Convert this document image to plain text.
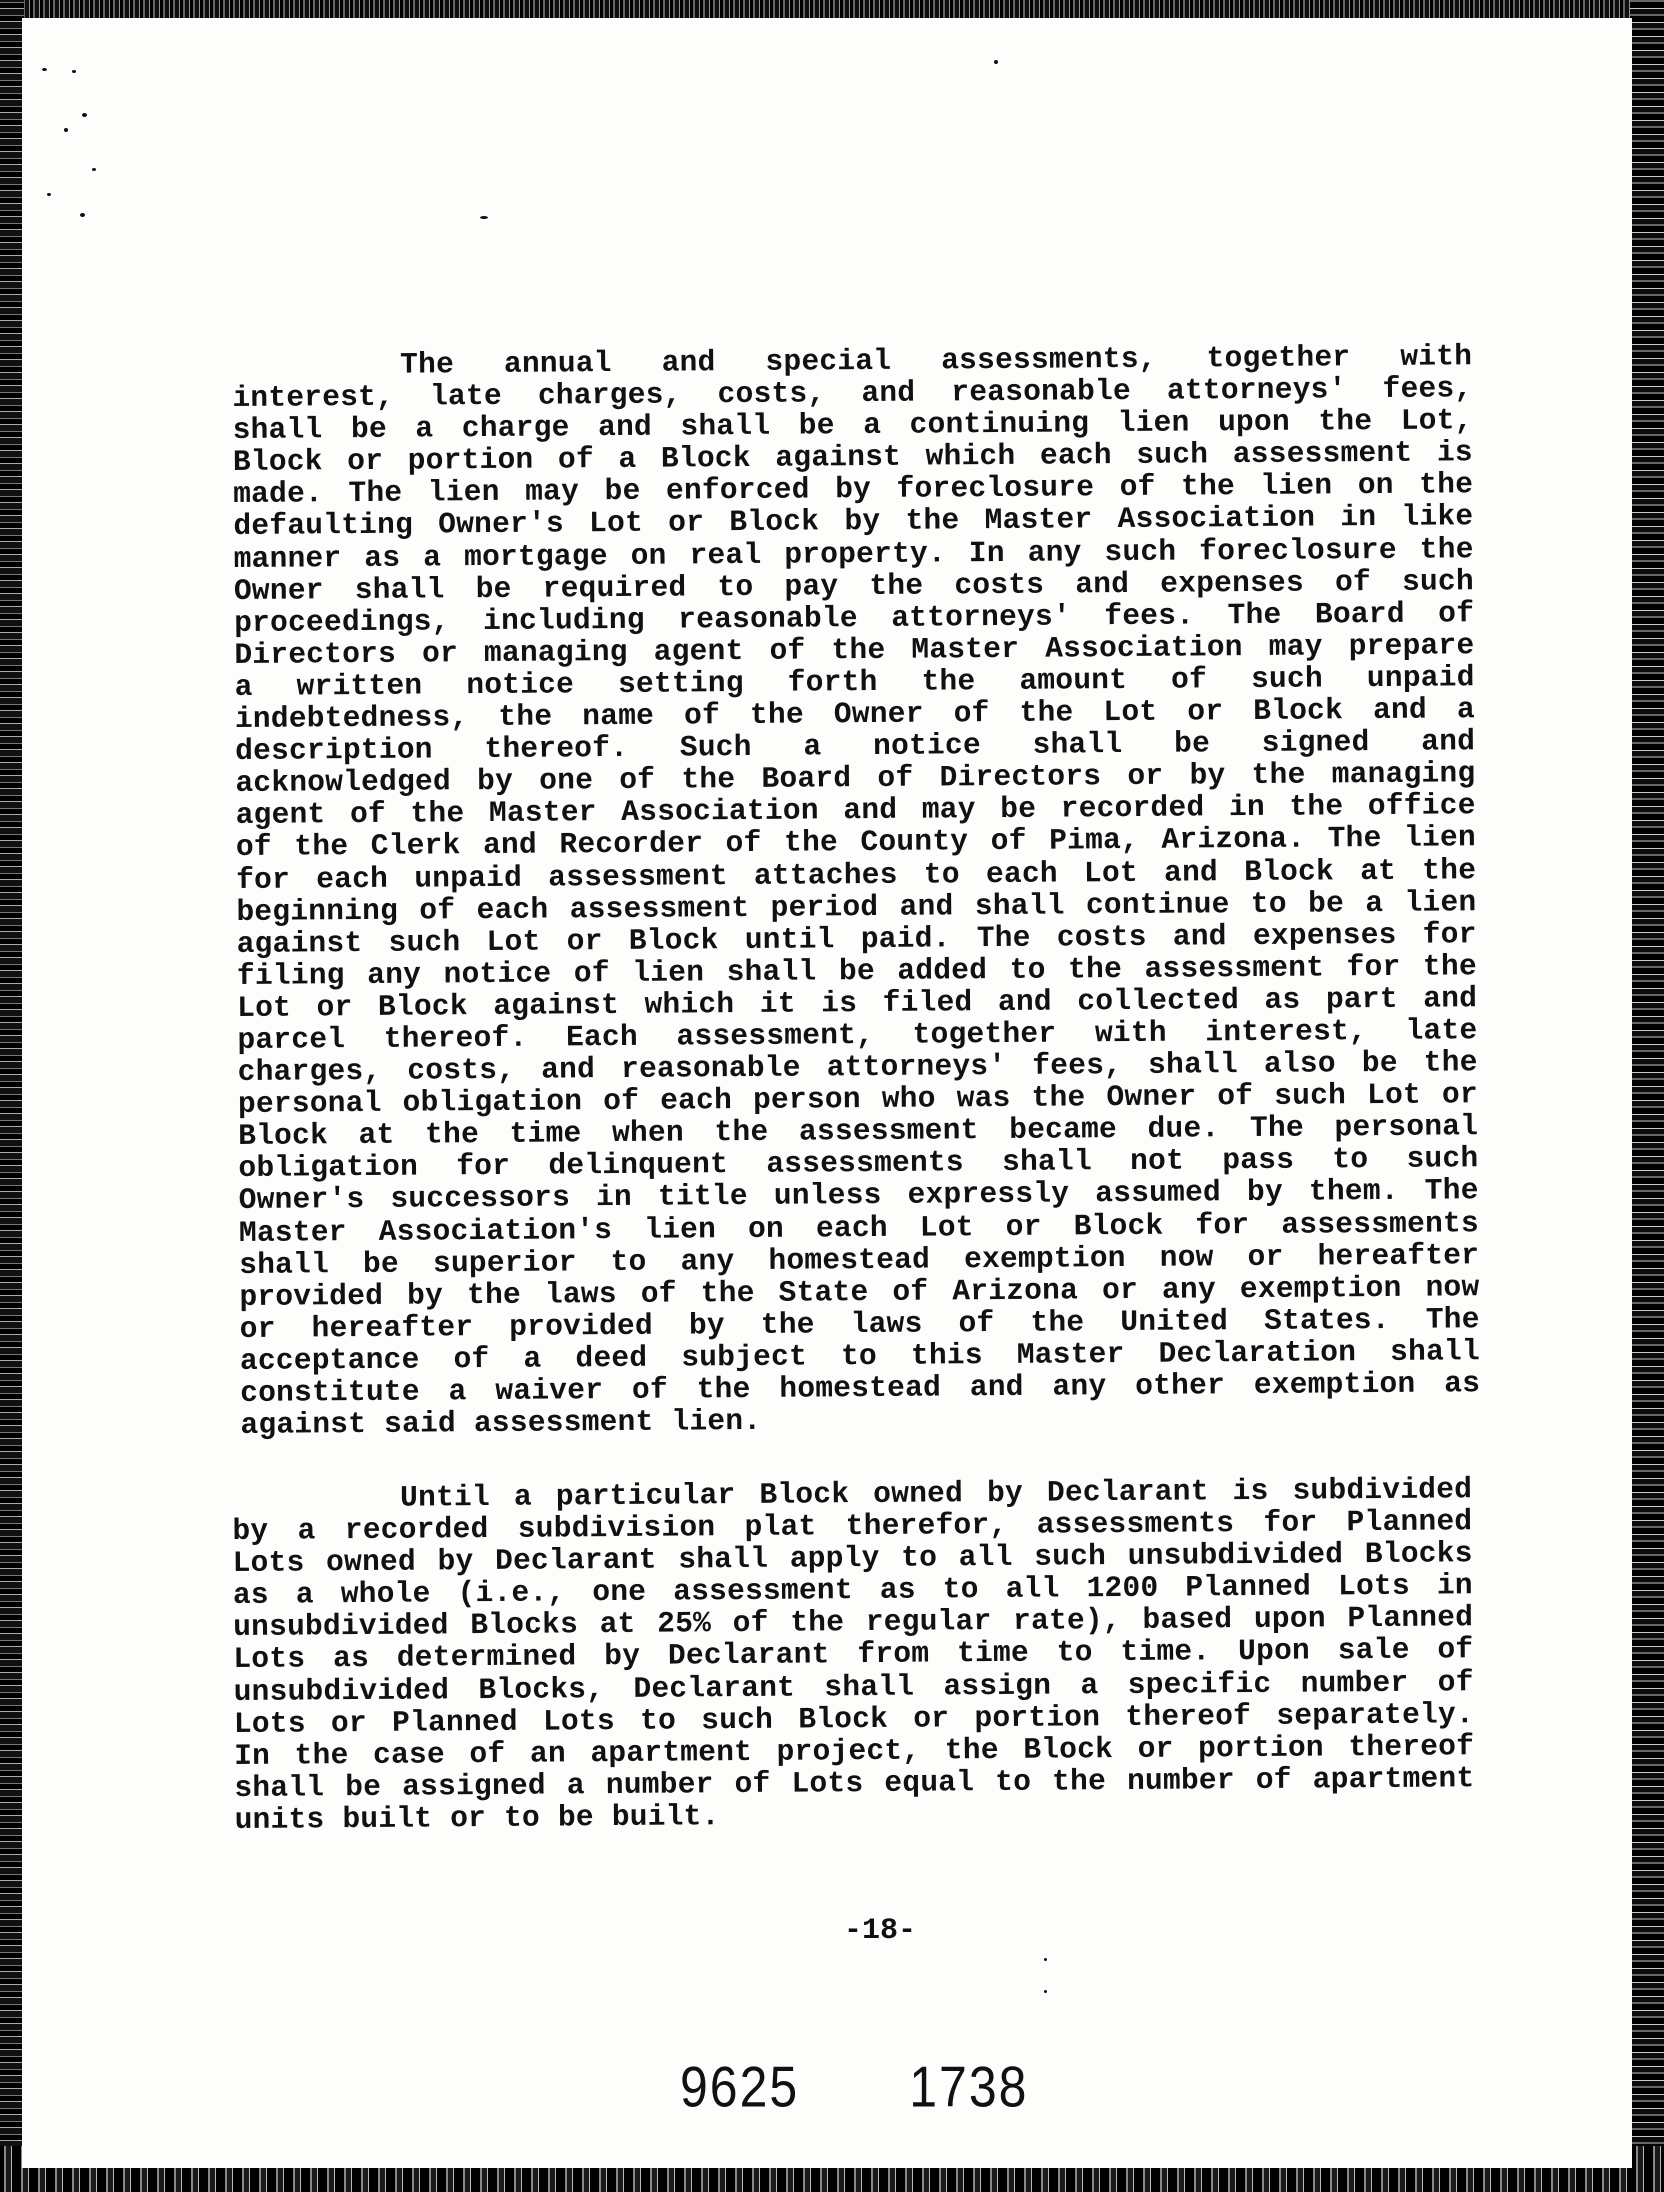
The annual and special assessments, together with
interest, late charges, costs, and reasonable attorneys' fees,
shall be a charge and shall be a continuing lien upon the Lot,
Block or portion of a Block against which each such assessment is
made. The lien may be enforced by foreclosure of the lien on the
defaulting Owner's Lot or Block by the Master Association in like
manner as a mortgage on real property. In any such foreclosure the
Owner shall be required to pay the costs and expenses of such
proceedings, including reasonable attorneys' fees. The Board of
Directors or managing agent of the Master Association may prepare
a written notice setting forth the amount of such unpaid
indebtedness, the name of the Owner of the Lot or Block and a
description thereof. Such a notice shall be signed and
acknowledged by one of the Board of Directors or by the managing
agent of the Master Association and may be recorded in the office
of the Clerk and Recorder of the County of Pima, Arizona. The lien
for each unpaid assessment attaches to each Lot and Block at the
beginning of each assessment period and shall continue to be a lien
against such Lot or Block until paid. The costs and expenses for
filing any notice of lien shall be added to the assessment for the
Lot or Block against which it is filed and collected as part and
parcel thereof. Each assessment, together with interest, late
charges, costs, and reasonable attorneys' fees, shall also be the
personal obligation of each person who was the Owner of such Lot or
Block at the time when the assessment became due. The personal
obligation for delinquent assessments shall not pass to such
Owner's successors in title unless expressly assumed by them. The
Master Association's lien on each Lot or Block for assessments
shall be superior to any homestead exemption now or hereafter
provided by the laws of the State of Arizona or any exemption now
or hereafter provided by the laws of the United States. The
acceptance of a deed subject to this Master Declaration shall
constitute a waiver of the homestead and any other exemption as
against said assessment lien.
Until a particular Block owned by Declarant is subdivided
by a recorded subdivision plat therefor, assessments for Planned
Lots owned by Declarant shall apply to all such unsubdivided Blocks
as a whole (i.e., one assessment as to all 1200 Planned Lots in
unsubdivided Blocks at 25% of the regular rate), based upon Planned
Lots as determined by Declarant from time to time. Upon sale of
unsubdivided Blocks, Declarant shall assign a specific number of
Lots or Planned Lots to such Block or portion thereof separately.
In the case of an apartment project, the Block or portion thereof
shall be assigned a number of Lots equal to the number of apartment
units built or to be built.
-18-
9625 1738
